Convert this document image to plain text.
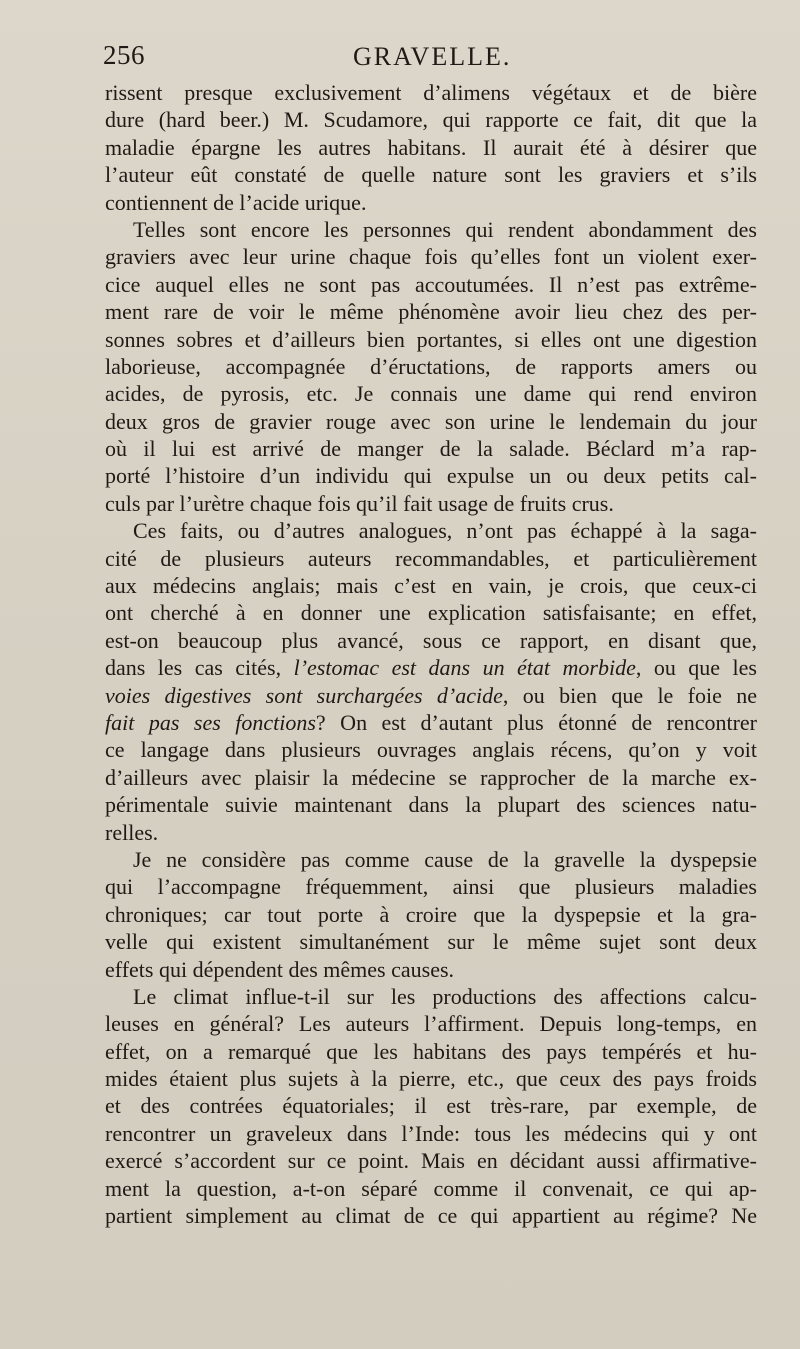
256	GRAVELLE.
rissent presque exclusivement d’alimens végétaux et de bière
dure (hard beer.) M. Scudamore, qui rapporte ce fait, dit que la
maladie épargne les autres habitans. Il aurait été à désirer que
l’auteur eût constaté de quelle nature sont les graviers et s’ils
contiennent de l’acide urique.
Telles sont encore les personnes qui rendent abondamment des
graviers avec leur urine chaque fois qu’elles font un violent exer-
cice auquel elles ne sont pas accoutumées. Il n’est pas extrême-
ment rare de voir le même phénomène avoir lieu chez des per-
sonnes sobres et d’ailleurs bien portantes, si elles ont une digestion
laborieuse, accompagnée d’éructations, de rapports amers ou
acides, de pyrosis, etc. Je connais une dame qui rend environ
deux gros de gravier rouge avec son urine le lendemain du jour
où il lui est arrivé de manger de la salade. Béclard m’a rap-
porté l’histoire d’un individu qui expulse un ou deux petits cal-
culs par l’urètre chaque fois qu’il fait usage de fruits crus.
Ces faits, ou d’autres analogues, n’ont pas échappé à la saga-
cité de plusieurs auteurs recommandables, et particulièrement
aux médecins anglais; mais c’est en vain, je crois, que ceux-ci
ont cherché à en donner une explication satisfaisante; en effet,
est-on beaucoup plus avancé, sous ce rapport, en disant que,
dans les cas cités, l’estomac est dans un état morbide, ou que les
voies digestives sont surchargées d’acide, ou bien que le foie ne
fait pas ses fonctions? On est d’autant plus étonné de rencontrer
ce langage dans plusieurs ouvrages anglais récens, qu’on y voit
d’ailleurs avec plaisir la médecine se rapprocher de la marche ex-
périmentale suivie maintenant dans la plupart des sciences natu-
relles.
Je ne considère pas comme cause de la gravelle la dyspepsie
qui l’accompagne fréquemment, ainsi que plusieurs maladies
chroniques; car tout porte à croire que la dyspepsie et la gra-
velle qui existent simultanément sur le même sujet sont deux
effets qui dépendent des mêmes causes.
Le climat influe-t-il sur les productions des affections calcu-
leuses en général? Les auteurs l’affirment. Depuis long-temps, en
effet, on a remarqué que les habitans des pays tempérés et hu-
mides étaient plus sujets à la pierre, etc., que ceux des pays froids
et des contrées équatoriales; il est très-rare, par exemple, de
rencontrer un graveleux dans l’Inde: tous les médecins qui y ont
exercé s’accordent sur ce point. Mais en décidant aussi affirmative-
ment la question, a-t-on séparé comme il convenait, ce qui ap-
partient simplement au climat de ce qui appartient au régime? Ne
